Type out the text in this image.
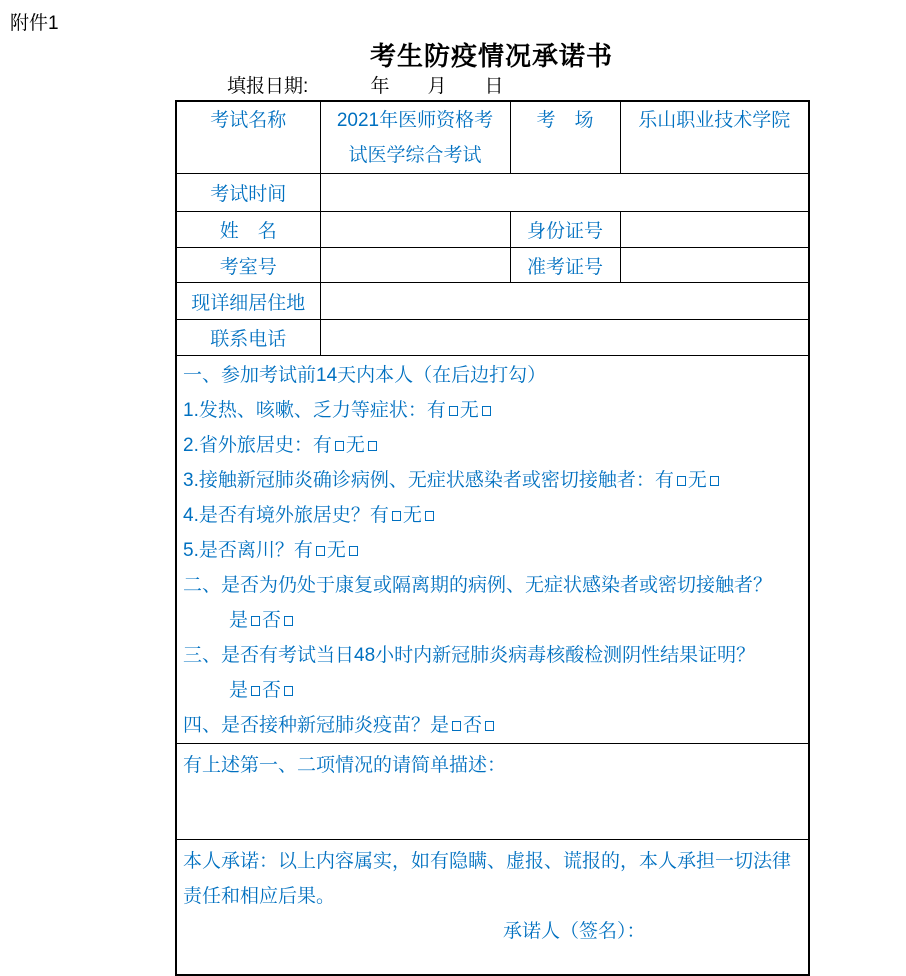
附件1
考生防疫情况承诺书
填报日期:　　　 年　　月　　日
考试名称	2021年医师资格考试医学综合考试	考　场	乐山职业技术学院
考试时间			
姓　名		身份证号	
考室号		准考证号	
现详细居住地			
联系电话			

一、参加考试前14天内本人（在后边打勾）
1.发热、咳嗽、乏力等症状：有 无
2.省外旅居史：有 无
3.接触新冠肺炎确诊病例、无症状感染者或密切接触者：有 无
4.是否有境外旅居史？有 无
5.是否离川？有 无
二、是否为仍处于康复或隔离期的病例、无症状感染者或密切接触者？
是 否
三、是否有考试当日48小时内新冠肺炎病毒核酸检测阴性结果证明？
是 否
四、是否接种新冠肺炎疫苗？是 否

有上述第一、二项情况的请简单描述：			

本人承诺：以上内容属实，如有隐瞒、虚报、谎报的，本人承担一切法律责任和相应后果。
承诺人（签名）：			
